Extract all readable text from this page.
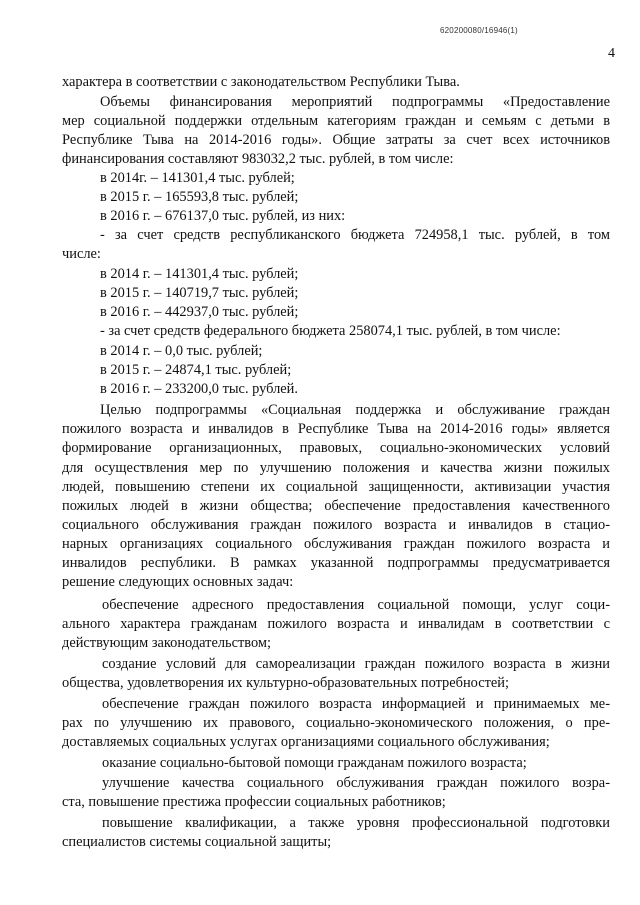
620200080/16946(1)
4
характера в соответствии с законодательством Республики Тыва.
Объемы финансирования мероприятий подпрограммы «Предоставление
мер социальной поддержки отдельным категориям граждан и семьям с детьми в
Республике Тыва на 2014-2016 годы». Общие затраты за счет всех источников
финансирования составляют 983032,2 тыс. рублей, в том числе:
в 2014г. – 141301,4 тыс. рублей;
в 2015 г. – 165593,8 тыс. рублей;
в 2016 г. – 676137,0 тыс. рублей, из них:
- за счет средств республиканского бюджета 724958,1 тыс. рублей, в том
числе:
в 2014 г. – 141301,4 тыс. рублей;
в 2015 г. – 140719,7 тыс. рублей;
в 2016 г. – 442937,0 тыс. рублей;
- за счет средств федерального бюджета 258074,1 тыс. рублей, в том числе:
в 2014 г. – 0,0 тыс. рублей;
в 2015 г. – 24874,1 тыс. рублей;
в 2016 г. – 233200,0 тыс. рублей.
Целью подпрограммы «Социальная поддержка и обслуживание граждан
пожилого возраста и инвалидов в Республике Тыва на 2014-2016 годы» является
формирование организационных, правовых, социально-экономических условий
для осуществления мер по улучшению положения и качества жизни пожилых
людей, повышению степени их социальной защищенности, активизации участия
пожилых людей в жизни общества; обеспечение предоставления качественного
социального обслуживания граждан пожилого возраста и инвалидов в стацио-
нарных организациях социального обслуживания граждан пожилого возраста и
инвалидов республики. В рамках указанной подпрограммы предусматривается
решение следующих основных задач:
обеспечение адресного предоставления социальной помощи, услуг соци-
ального характера гражданам пожилого возраста и инвалидам в соответствии с
действующим законодательством;
создание условий для самореализации граждан пожилого возраста в жизни
общества, удовлетворения их культурно-образовательных потребностей;
обеспечение граждан пожилого возраста информацией и принимаемых ме-
рах по улучшению их правового, социально-экономического положения, о пре-
доставляемых социальных услугах организациями социального обслуживания;
оказание социально-бытовой помощи гражданам пожилого возраста;
улучшение качества социального обслуживания граждан пожилого возра-
ста, повышение престижа профессии социальных работников;
повышение квалификации, а также уровня профессиональной подготовки
специалистов системы социальной защиты;
